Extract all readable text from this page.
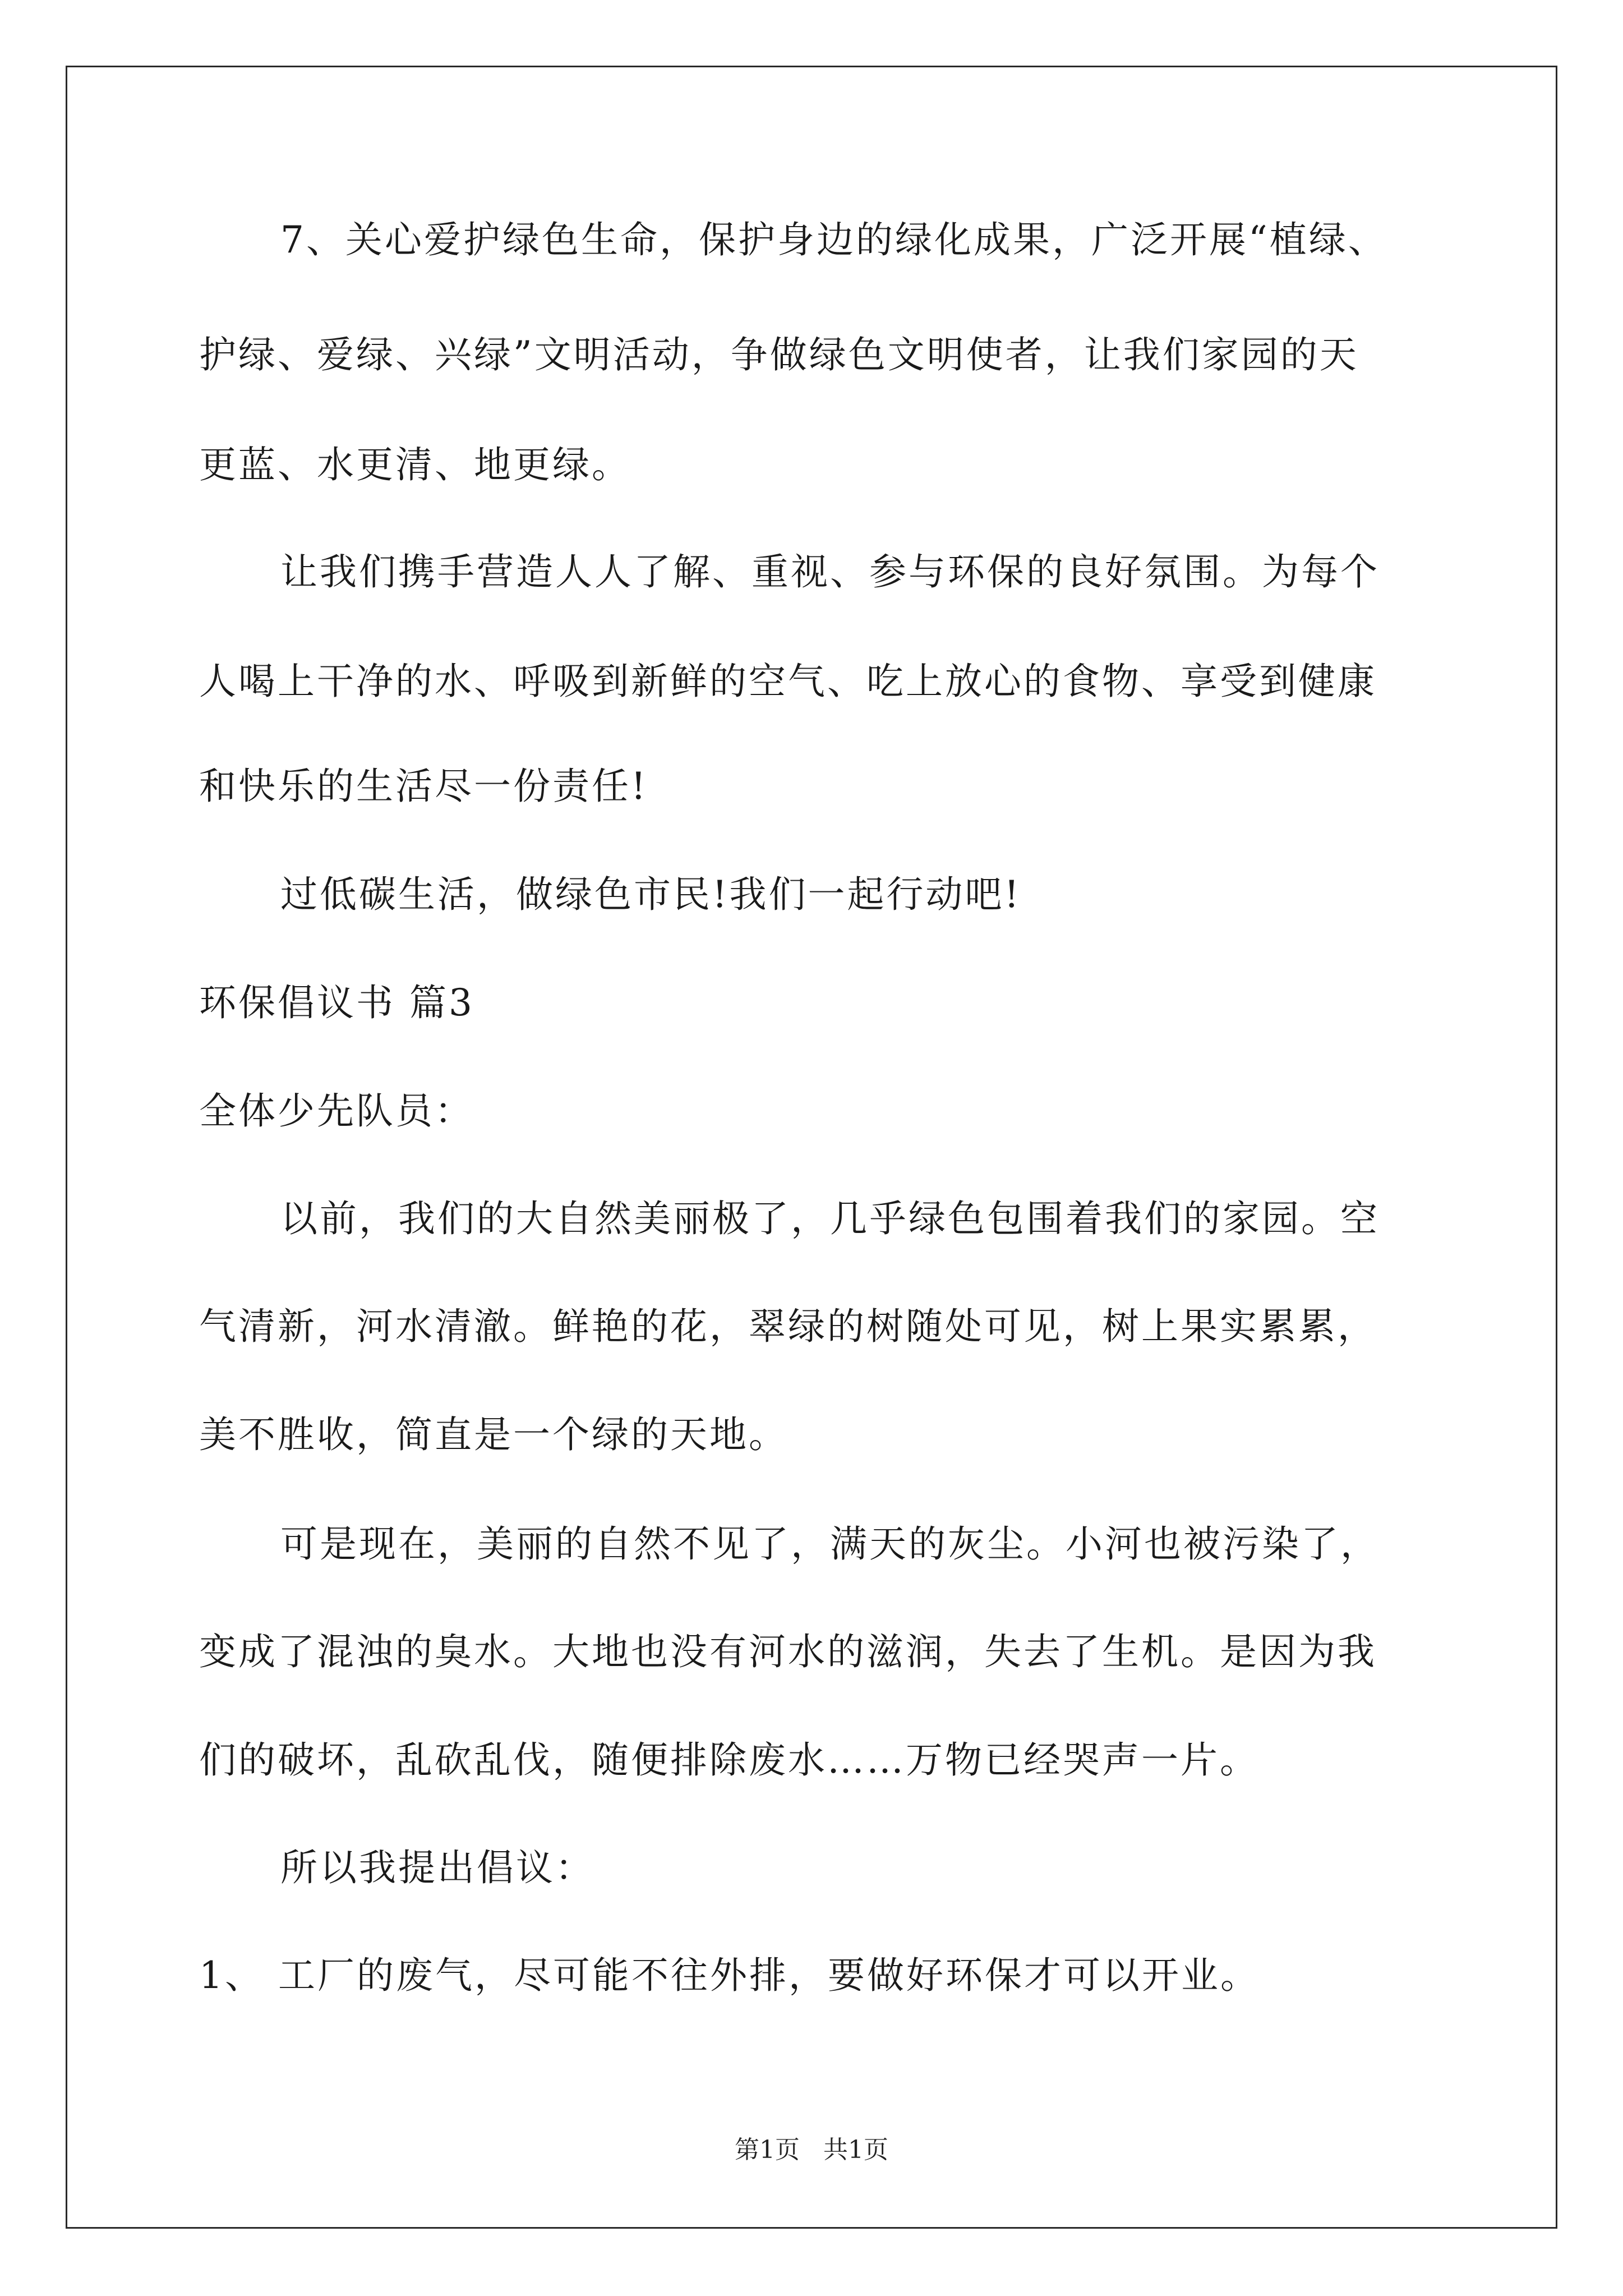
7、关心爱护绿色生命，保护身边的绿化成果，广泛开展“植绿、
护绿、爱绿、兴绿”文明活动，争做绿色文明使者，让我们家园的天
更蓝、水更清、地更绿。
让我们携手营造人人了解、重视、参与环保的良好氛围。为每个
人喝上干净的水、呼吸到新鲜的空气、吃上放心的食物、享受到健康
和快乐的生活尽一份责任!
过低碳生活，做绿色市民!我们一起行动吧!
环保倡议书 篇3
全体少先队员：
以前，我们的大自然美丽极了，几乎绿色包围着我们的家园。空
气清新，河水清澈。鲜艳的花，翠绿的树随处可见，树上果实累累，
美不胜收，简直是一个绿的天地。
可是现在，美丽的自然不见了，满天的灰尘。小河也被污染了，
变成了混浊的臭水。大地也没有河水的滋润，失去了生机。是因为我
们的破坏，乱砍乱伐，随便排除废水……万物已经哭声一片。
所以我提出倡议：
1、 工厂的废气，尽可能不往外排，要做好环保才可以开业。
第1页 共1页
